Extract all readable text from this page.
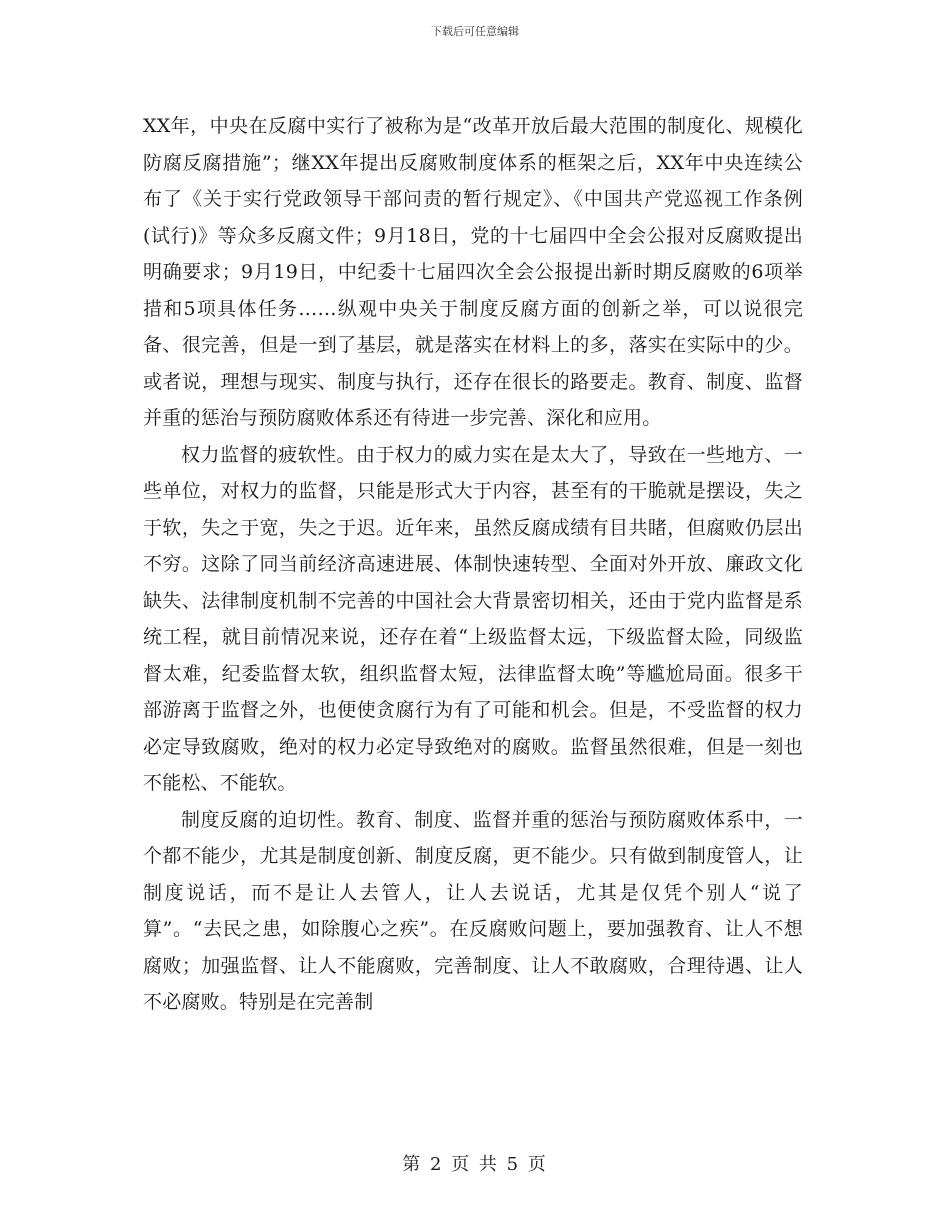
下载后可任意编辑

XX年，中央在反腐中实行了被称为是“改革开放后最大范围的制度化、规模化防腐反腐措施”；继XX年提出反腐败制度体系的框架之后，XX年中央连续公布了《关于实行党政领导干部问责的暂行规定》、《中国共产党巡视工作条例(试行)》等众多反腐文件；9月18日，党的十七届四中全会公报对反腐败提出明确要求；9月19日，中纪委十七届四次全会公报提出新时期反腐败的6项举措和5项具体任务……纵观中央关于制度反腐方面的创新之举，可以说很完备、很完善，但是一到了基层，就是落实在材料上的多，落实在实际中的少。或者说，理想与现实、制度与执行，还存在很长的路要走。教育、制度、监督并重的惩治与预防腐败体系还有待进一步完善、深化和应用。

权力监督的疲软性。由于权力的威力实在是太大了，导致在一些地方、一些单位，对权力的监督，只能是形式大于内容，甚至有的干脆就是摆设，失之于软，失之于宽，失之于迟。近年来，虽然反腐成绩有目共睹，但腐败仍层出不穷。这除了同当前经济高速进展、体制快速转型、全面对外开放、廉政文化缺失、法律制度机制不完善的中国社会大背景密切相关，还由于党内监督是系统工程，就目前情况来说，还存在着“上级监督太远，下级监督太险，同级监督太难，纪委监督太软，组织监督太短，法律监督太晚”等尴尬局面。很多干部游离于监督之外，也便使贪腐行为有了可能和机会。但是，不受监督的权力必定导致腐败，绝对的权力必定导致绝对的腐败。监督虽然很难，但是一刻也不能松、不能软。

制度反腐的迫切性。教育、制度、监督并重的惩治与预防腐败体系中，一个都不能少，尤其是制度创新、制度反腐，更不能少。只有做到制度管人，让制度说话，而不是让人去管人，让人去说话，尤其是仅凭个别人“说了算”。“去民之患，如除腹心之疾”。在反腐败问题上，要加强教育、让人不想腐败；加强监督、让人不能腐败，完善制度、让人不敢腐败，合理待遇、让人不必腐败。特别是在完善制

第 2 页 共 5 页
